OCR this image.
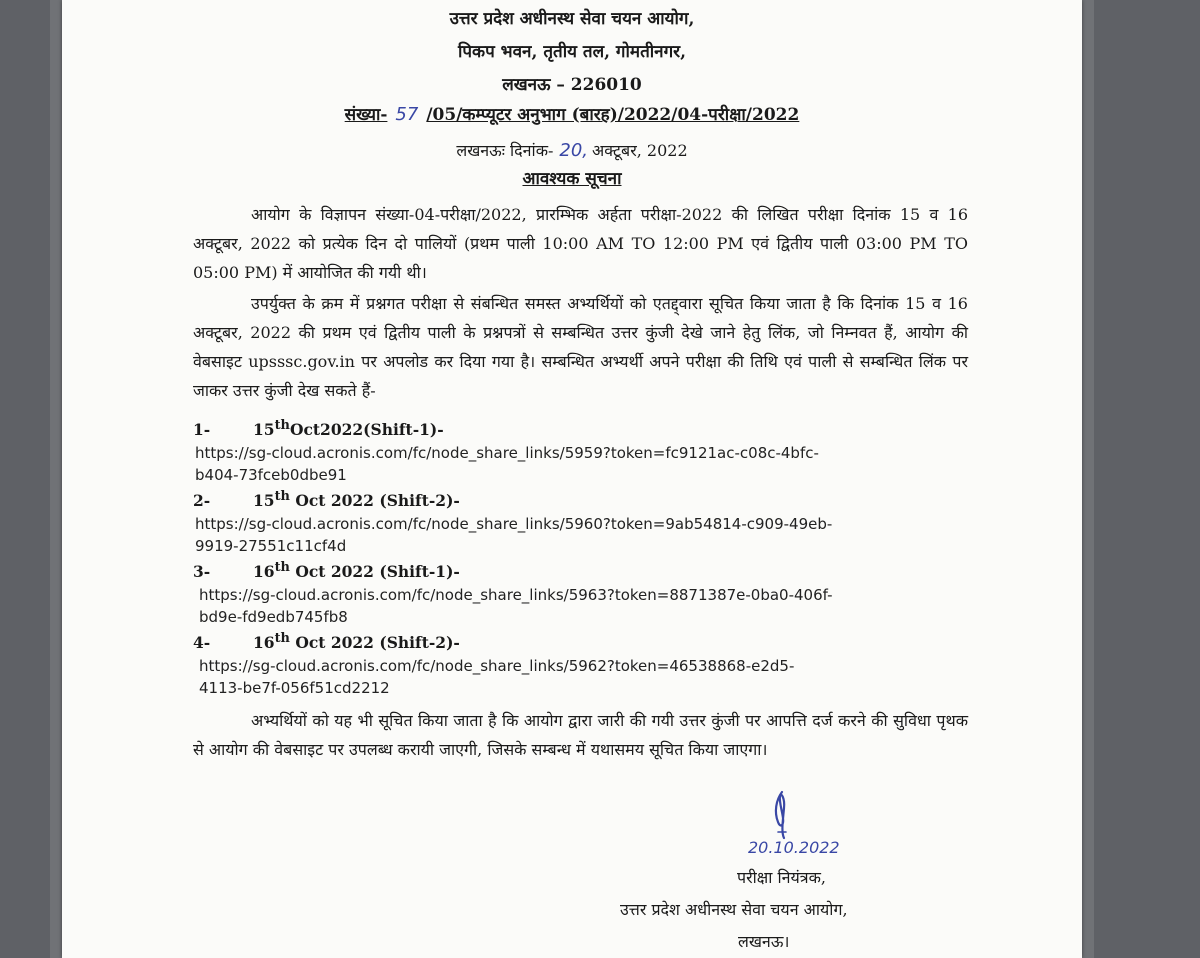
उत्तर प्रदेश अधीनस्थ सेवा चयन आयोग,
पिकप भवन, तृतीय तल, गोमतीनगर,
लखनऊ – 226010
संख्या- 57 /05/कम्प्यूटर अनुभाग (बारह)/2022/04-परीक्षा/2022
लखनऊः दिनांक- 20, अक्टूबर, 2022
आवश्यक सूचना
आयोग के विज्ञापन संख्या-04-परीक्षा/2022, प्रारम्भिक अर्हता परीक्षा-2022 की लिखित परीक्षा दिनांक 15 व 16 अक्टूबर, 2022 को प्रत्येक दिन दो पालियों (प्रथम पाली 10:00 AM TO 12:00 PM एवं द्वितीय पाली 03:00 PM TO 05:00 PM) में आयोजित की गयी थी।
उपर्युक्त के क्रम में प्रश्नगत परीक्षा से संबन्धित समस्त अभ्यर्थियों को एतद्द्वारा सूचित किया जाता है कि दिनांक 15 व 16 अक्टूबर, 2022 की प्रथम एवं द्वितीय पाली के प्रश्नपत्रों से सम्बन्धित उत्तर कुंजी देखे जाने हेतु लिंक, जो निम्नवत हैं, आयोग की वेबसाइट upsssc.gov.in पर अपलोड कर दिया गया है। सम्बन्धित अभ्यर्थी अपने परीक्षा की तिथि एवं पाली से सम्बन्धित लिंक पर जाकर उत्तर कुंजी देख सकते हैं-
1-	15thOct2022(Shift-1)-
https://sg-cloud.acronis.com/fc/node_share_links/5959?token=fc9121ac-c08c-4bfc-
b404-73fceb0dbe91
2-	15th Oct 2022 (Shift-2)-
https://sg-cloud.acronis.com/fc/node_share_links/5960?token=9ab54814-c909-49eb-
9919-27551c11cf4d
3-	16th Oct 2022 (Shift-1)-
https://sg-cloud.acronis.com/fc/node_share_links/5963?token=8871387e-0ba0-406f-
bd9e-fd9edb745fb8
4-	16th Oct 2022 (Shift-2)-
https://sg-cloud.acronis.com/fc/node_share_links/5962?token=46538868-e2d5-
4113-be7f-056f51cd2212
अभ्यर्थियों को यह भी सूचित किया जाता है कि आयोग द्वारा जारी की गयी उत्तर कुंजी पर आपत्ति दर्ज करने की सुविधा पृथक से आयोग की वेबसाइट पर उपलब्ध करायी जाएगी, जिसके सम्बन्ध में यथासमय सूचित किया जाएगा।
20.10.2022
परीक्षा नियंत्रक,
उत्तर प्रदेश अधीनस्थ सेवा चयन आयोग,
लखनऊ।
